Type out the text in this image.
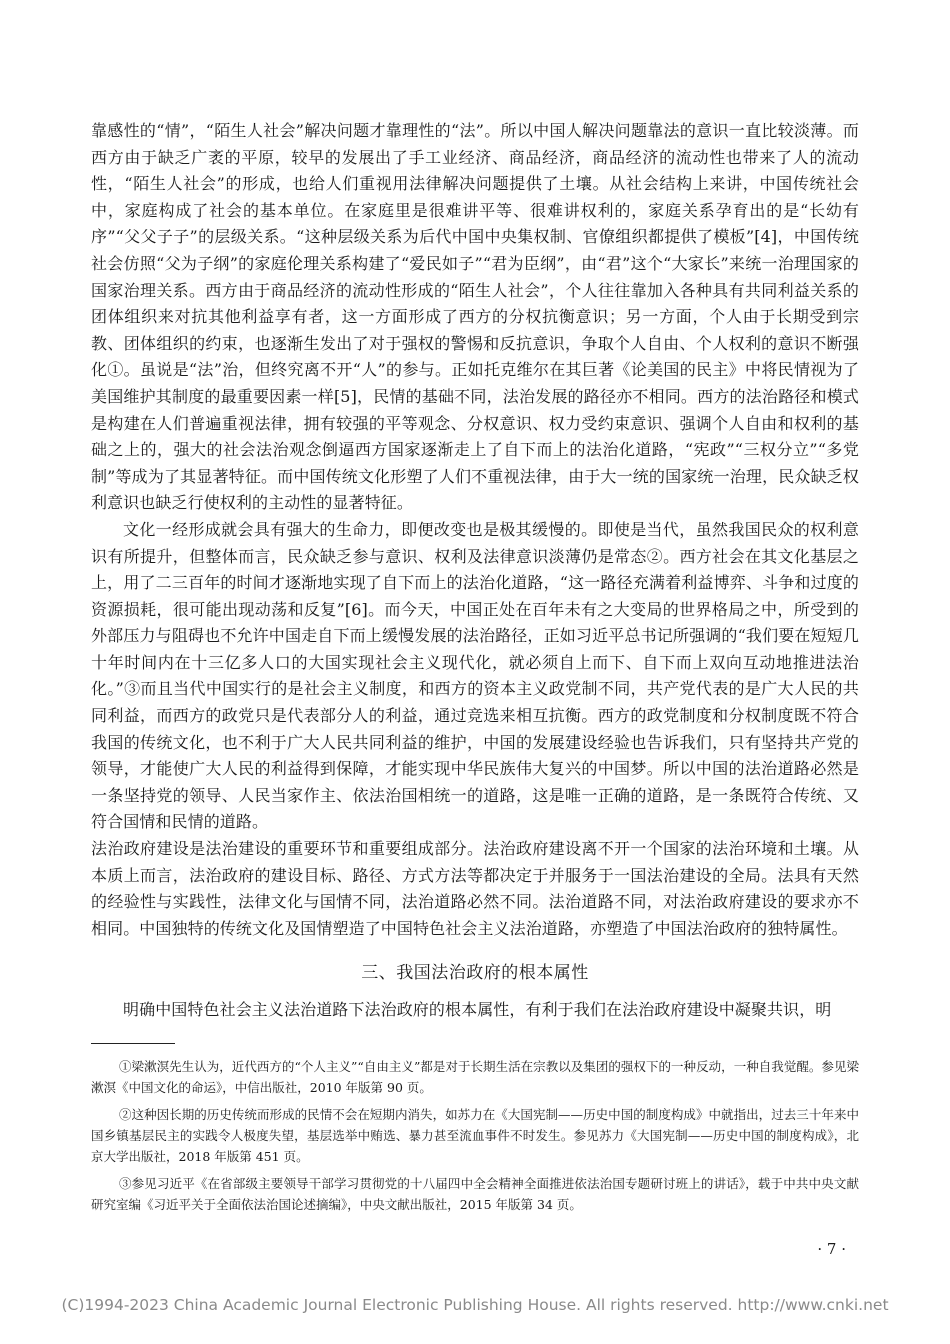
靠感性的“情”，“陌生人社会”解决问题才靠理性的“法”。所以中国人解决问题靠法的意识一直比较淡薄。而西方由于缺乏广袤的平原，较早的发展出了手工业经济、商品经济，商品经济的流动性也带来了人的流动性，“陌生人社会”的形成，也给人们重视用法律解决问题提供了土壤。从社会结构上来讲，中国传统社会中，家庭构成了社会的基本单位。在家庭里是很难讲平等、很难讲权利的，家庭关系孕育出的是“长幼有序”“父父子子”的层级关系。“这种层级关系为后代中国中央集权制、官僚组织都提供了模板”[4]，中国传统社会仿照“父为子纲”的家庭伦理关系构建了“爱民如子”“君为臣纲”，由“君”这个“大家长”来统一治理国家的国家治理关系。西方由于商品经济的流动性形成的“陌生人社会”，个人往往靠加入各种具有共同利益关系的团体组织来对抗其他利益享有者，这一方面形成了西方的分权抗衡意识；另一方面，个人由于长期受到宗教、团体组织的约束，也逐渐生发出了对于强权的警惕和反抗意识，争取个人自由、个人权利的意识不断强化①。虽说是“法”治，但终究离不开“人”的参与。正如托克维尔在其巨著《论美国的民主》中将民情视为了美国维护其制度的最重要因素一样[5]，民情的基础不同，法治发展的路径亦不相同。西方的法治路径和模式是构建在人们普遍重视法律，拥有较强的平等观念、分权意识、权力受约束意识、强调个人自由和权利的基础之上的，强大的社会法治观念倒逼西方国家逐渐走上了自下而上的法治化道路，“宪政”“三权分立”“多党制”等成为了其显著特征。而中国传统文化形塑了人们不重视法律，由于大一统的国家统一治理，民众缺乏权利意识也缺乏行使权利的主动性的显著特征。

文化一经形成就会具有强大的生命力，即便改变也是极其缓慢的。即使是当代，虽然我国民众的权利意识有所提升，但整体而言，民众缺乏参与意识、权利及法律意识淡薄仍是常态②。西方社会在其文化基层之上，用了二三百年的时间才逐渐地实现了自下而上的法治化道路，“这一路径充满着利益博弈、斗争和过度的资源损耗，很可能出现动荡和反复”[6]。而今天，中国正处在百年未有之大变局的世界格局之中，所受到的外部压力与阻碍也不允许中国走自下而上缓慢发展的法治路径，正如习近平总书记所强调的“我们要在短短几十年时间内在十三亿多人口的大国实现社会主义现代化，就必须自上而下、自下而上双向互动地推进法治化。”③而且当代中国实行的是社会主义制度，和西方的资本主义政党制不同，共产党代表的是广大人民的共同利益，而西方的政党只是代表部分人的利益，通过竞选来相互抗衡。西方的政党制度和分权制度既不符合我国的传统文化，也不利于广大人民共同利益的维护，中国的发展建设经验也告诉我们，只有坚持共产党的领导，才能使广大人民的利益得到保障，才能实现中华民族伟大复兴的中国梦。所以中国的法治道路必然是一条坚持党的领导、人民当家作主、依法治国相统一的道路，这是唯一正确的道路，是一条既符合传统、又符合国情和民情的道路。

法治政府建设是法治建设的重要环节和重要组成部分。法治政府建设离不开一个国家的法治环境和土壤。从本质上而言，法治政府的建设目标、路径、方式方法等都决定于并服务于一国法治建设的全局。法具有天然的经验性与实践性，法律文化与国情不同，法治道路必然不同。法治道路不同，对法治政府建设的要求亦不相同。中国独特的传统文化及国情塑造了中国特色社会主义法治道路，亦塑造了中国法治政府的独特属性。

三、我国法治政府的根本属性

明确中国特色社会主义法治道路下法治政府的根本属性，有利于我们在法治政府建设中凝聚共识，明

①梁漱溟先生认为，近代西方的“个人主义”“自由主义”都是对于长期生活在宗教以及集团的强权下的一种反动，一种自我觉醒。参见梁漱溟《中国文化的命运》，中信出版社，2010 年版第 90 页。

②这种因长期的历史传统而形成的民情不会在短期内消失，如苏力在《大国宪制——历史中国的制度构成》中就指出，过去三十年来中国乡镇基层民主的实践令人极度失望，基层选举中贿选、暴力甚至流血事件不时发生。参见苏力《大国宪制——历史中国的制度构成》，北京大学出版社，2018 年版第 451 页。

③参见习近平《在省部级主要领导干部学习贯彻党的十八届四中全会精神全面推进依法治国专题研讨班上的讲话》，载于中共中央文献研究室编《习近平关于全面依法治国论述摘编》，中央文献出版社，2015 年版第 34 页。

· 7 ·
(C)1994-2023 China Academic Journal Electronic Publishing House. All rights reserved. http://www.cnki.net
